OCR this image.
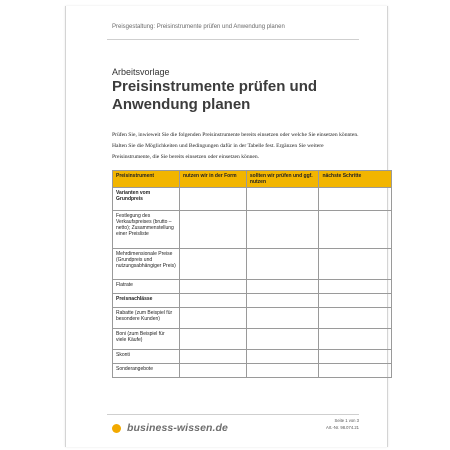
Preisgestaltung: Preisinstrumente prüfen und Anwendung planen
Arbeitsvorlage
Preisinstrumente prüfen und Anwendung planen
Prüfen Sie, inwieweit Sie die folgenden Preisinstrumente bereits einsetzen oder welche Sie einsetzen könnten. Halten Sie die Möglichkeiten und Bedingungen dafür in der Tabelle fest. Ergänzen Sie weitere Preisinstrumente, die Sie bereits einsetzen oder einsetzen können.
Preisinstrument	nutzen wir in der Form	sollten wir prüfen und ggf. nutzen	nächste Schritte
Varianten vom Grundpreis			
Festlegung des Verkaufspreises (brutto – netto); Zusammenstellung einer Preisliste			
Mehrdimensionale Preise (Grundpreis und nutzungsabhängiger Preis)			
Flatrate			
Preisnachlässe			
Rabatte (zum Beispiel für besondere Kunden)			
Boni (zum Beispiel für viele Käufe)			
Skonti			
Sonderangebote			
business-wissen.de
Seite 1 von 3
Art.-Nr. 98.074.21
